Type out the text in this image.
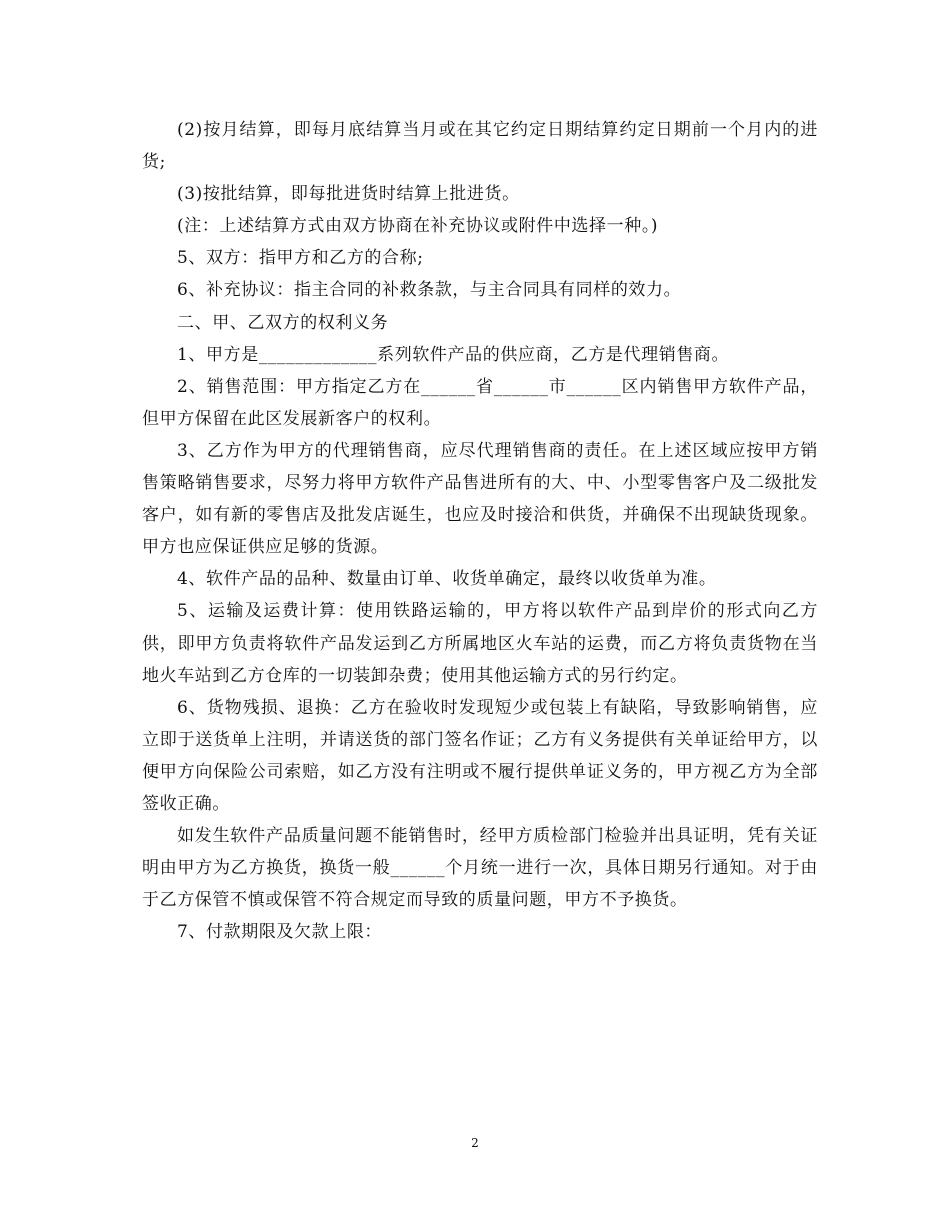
(2)按月结算，即每月底结算当月或在其它约定日期结算约定日期前一个月内的进货;

(3)按批结算，即每批进货时结算上批进货。

(注：上述结算方式由双方协商在补充协议或附件中选择一种。)

5、双方：指甲方和乙方的合称;

6、补充协议：指主合同的补救条款，与主合同具有同样的效力。

二、甲、乙双方的权利义务

1、甲方是_____________系列软件产品的供应商，乙方是代理销售商。

2、销售范围：甲方指定乙方在______省______市______区内销售甲方软件产品，但甲方保留在此区发展新客户的权利。

3、乙方作为甲方的代理销售商，应尽代理销售商的责任。在上述区域应按甲方销售策略销售要求，尽努力将甲方软件产品售进所有的大、中、小型零售客户及二级批发客户，如有新的零售店及批发店诞生，也应及时接洽和供货，并确保不出现缺货现象。甲方也应保证供应足够的货源。

4、软件产品的品种、数量由订单、收货单确定，最终以收货单为准。

5、运输及运费计算：使用铁路运输的，甲方将以软件产品到岸价的形式向乙方供，即甲方负责将软件产品发运到乙方所属地区火车站的运费，而乙方将负责货物在当地火车站到乙方仓库的一切装卸杂费；使用其他运输方式的另行约定。

6、货物残损、退换：乙方在验收时发现短少或包装上有缺陷，导致影响销售，应立即于送货单上注明，并请送货的部门签名作证；乙方有义务提供有关单证给甲方，以便甲方向保险公司索赔，如乙方没有注明或不履行提供单证义务的，甲方视乙方为全部签收正确。

如发生软件产品质量问题不能销售时，经甲方质检部门检验并出具证明，凭有关证明由甲方为乙方换货，换货一般______个月统一进行一次，具体日期另行通知。对于由于乙方保管不慎或保管不符合规定而导致的质量问题，甲方不予换货。

7、付款期限及欠款上限：

2
